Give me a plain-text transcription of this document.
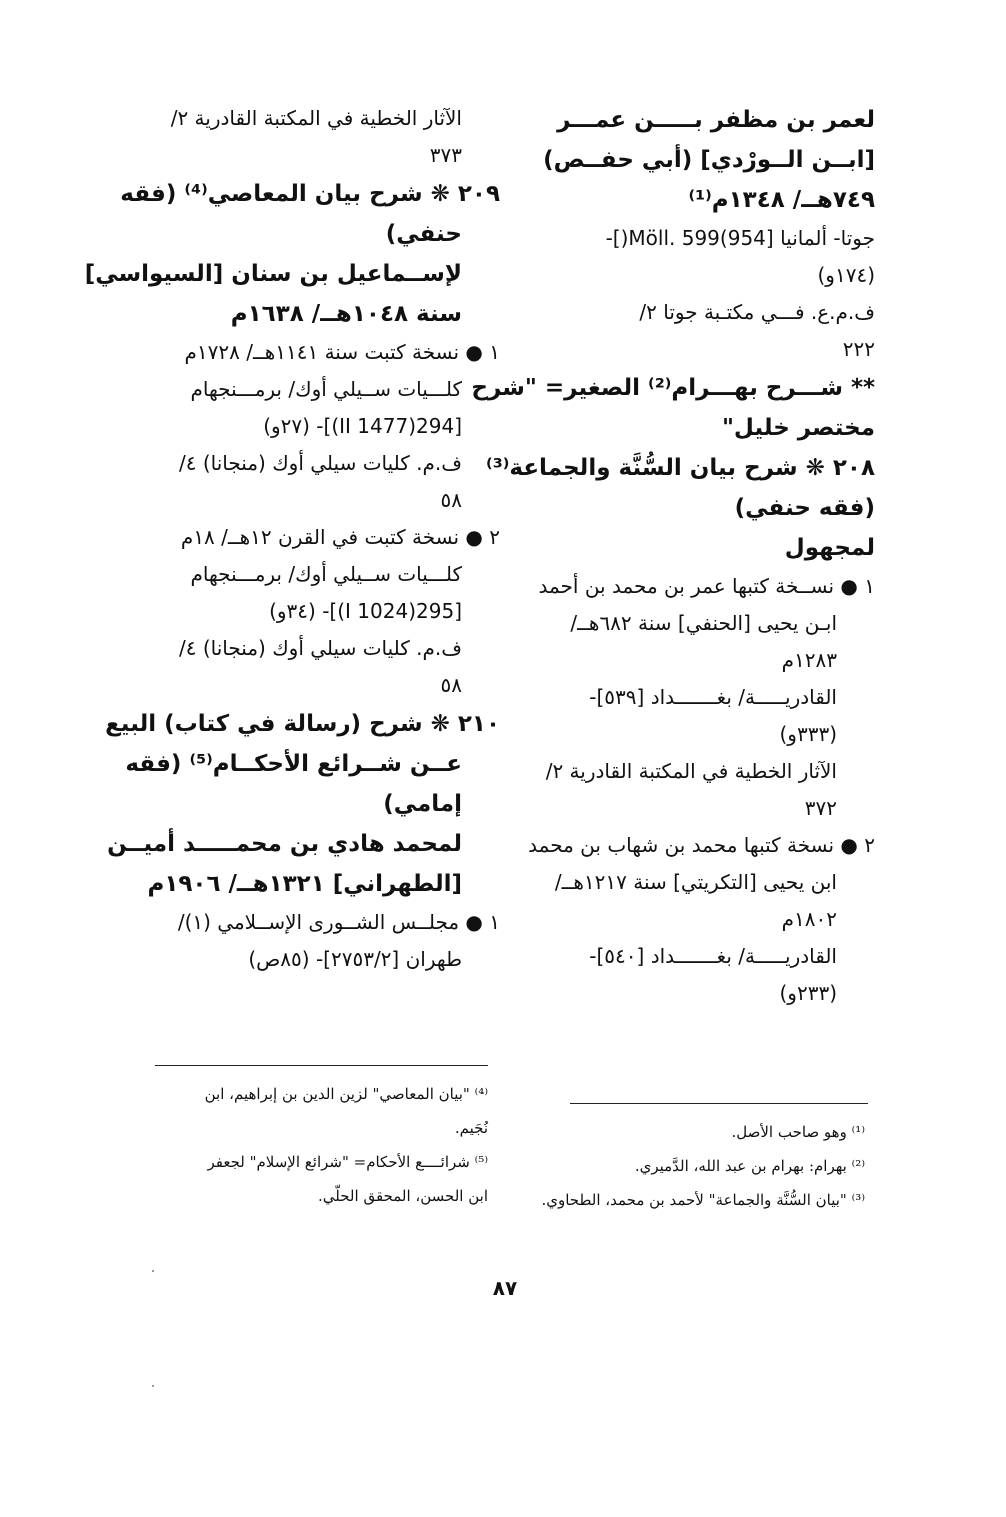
لعمر بن مظفر بـــــن عمـــر
[ابــن الــورْدي] (أبي حفــص)
٧٤٩هــ/ ١٣٤٨م⁽¹⁾
جوتا- ألمانيا [954)Möll. 599(]-
(١٧٤و)
ف.م.ع. فـــي مكتـبة جوتا ٢/
٢٢٢
** شـــرح بهـــرام⁽²⁾ الصغير= "شرح
مختصر خليل"
٢٠٨ ❋ شرح بيان السُّنَّة والجماعة⁽³⁾
(فقه حنفي)
لمجهول
١ ● نســخة كتبها عمر بن محمد بن أحمد
ابـن يحيى [الحنفي] سنة ٦٨٢هــ/
١٢٨٣م
القادريـــــة/ بغـــــــداد [٥٣٩]-
(٣٣٣و)
الآثار الخطية في المكتبة القادرية ٢/
٣٧٢
٢ ● نسخة كتبها محمد بن شهاب بن محمد
ابن يحيى [التكريتي] سنة ١٢١٧هــ/
١٨٠٢م
القادريـــــة/ بغـــــــداد [٥٤٠]-
(٢٣٣و)
الآثار الخطية في المكتبة القادرية ٢/
٣٧٣
٢٠٩ ❋ شرح بيان المعاصي⁽⁴⁾ (فقه
حنفي)
لإســماعيل بن سنان [السيواسي]
سنة ١٠٤٨هــ/ ١٦٣٨م
١ ● نسخة كتبت سنة ١١٤١هــ/ ١٧٢٨م
كلـــيات ســيلي أوك/ برمـــنجهام
[294(1477 II)]- (٢٧و)
ف.م. كليات سيلي أوك (منجانا) ٤/
٥٨
٢ ● نسخة كتبت في القرن ١٢هــ/ ١٨م
كلـــيات ســيلي أوك/ برمـــنجهام
[295(1024 I)]- (٣٤و)
ف.م. كليات سيلي أوك (منجانا) ٤/
٥٨
٢١٠ ❋ شرح (رسالة في كتاب) البيع
عــن شــرائع الأحكــام⁽⁵⁾ (فقه
إمامي)
لمحمد هادي بن محمـــــد أميــن
[الطهراني] ١٣٢١هــ/ ١٩٠٦م
١ ● مجلــس الشــورى الإســلامي (١)/
طهران [٢٧٥٣/٢]- (٨٥ص)
⁽¹⁾ وهو صاحب الأصل.
⁽²⁾ بهرام: بهرام بن عبد الله، الدَّميري.
⁽³⁾ "بيان السُّنَّة والجماعة" لأحمد بن محمد، الطحاوي.
⁽⁴⁾ "بيان المعاصي" لزين الدين بن إبراهيم، ابن
نُجَيم.
⁽⁵⁾ شرائــــع الأحكام= "شرائع الإسلام" لجعفر
ابن الحسن، المحقق الحلّي.
٨٧
